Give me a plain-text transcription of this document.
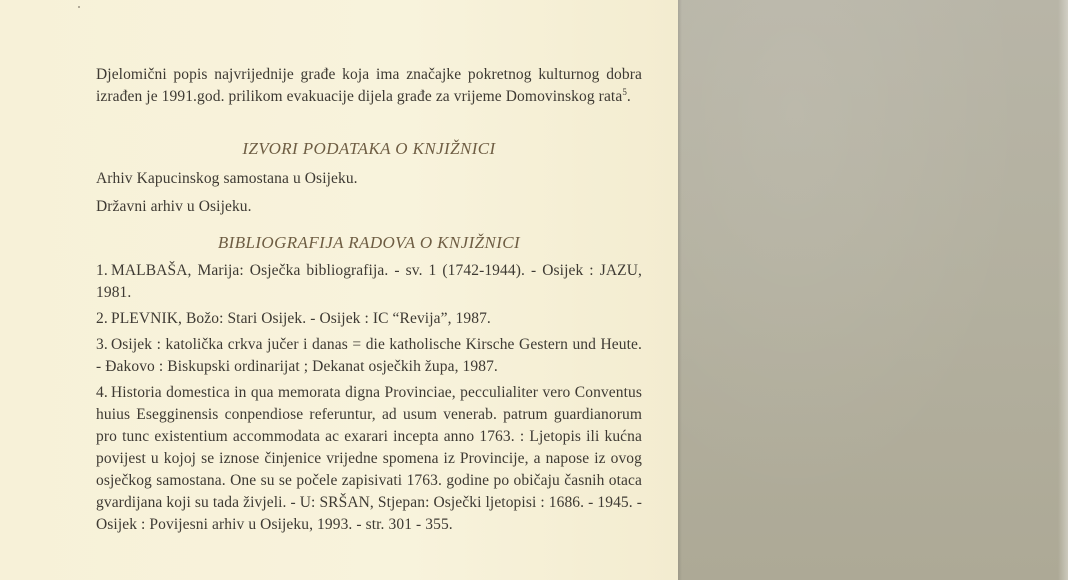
Djelomični popis najvrijednije građe koja ima značajke pokretnog kulturnog dobra izrađen je 1991.god. prilikom evakuacije dijela građe za vrijeme Domovinskog rata$^5$.

IZVORI PODATAKA O KNJIŽNICI

Arhiv Kapucinskog samostana u Osijeku.

Državni arhiv u Osijeku.

BIBLIOGRAFIJA RADOVA O KNJIŽNICI
1. MALBAŠA, Marija: Osječka bibliografija. - sv. 1 (1742-1944). - Osijek : JAZU, 1981.
2. PLEVNIK, Božo: Stari Osijek. - Osijek : IC “Revija”, 1987.
3. Osijek : katolička crkva jučer i danas = die katholische Kirsche Gestern und Heute. - Đakovo : Biskupski ordinarijat ; Dekanat osječkih župa, 1987.
4. Historia domestica in qua memorata digna Provinciae, pecculialiter vero Conventus huius Esegginensis conpendiose referuntur, ad usum venerab. patrum guardianorum pro tunc existentium accommodata ac exarari incepta anno 1763. : Ljetopis ili kućna povijest u kojoj se iznose činjenice vrijedne spomena iz Provincije, a napose iz ovog osječkog samostana. One su se počele zapisivati 1763. godine po običaju časnih otaca gvardijana koji su tada živjeli. - U: SRŠAN, Stjepan: Osječki ljetopisi : 1686. - 1945. - Osijek : Povijesni arhiv u Osijeku, 1993. - str. 301 - 355.
